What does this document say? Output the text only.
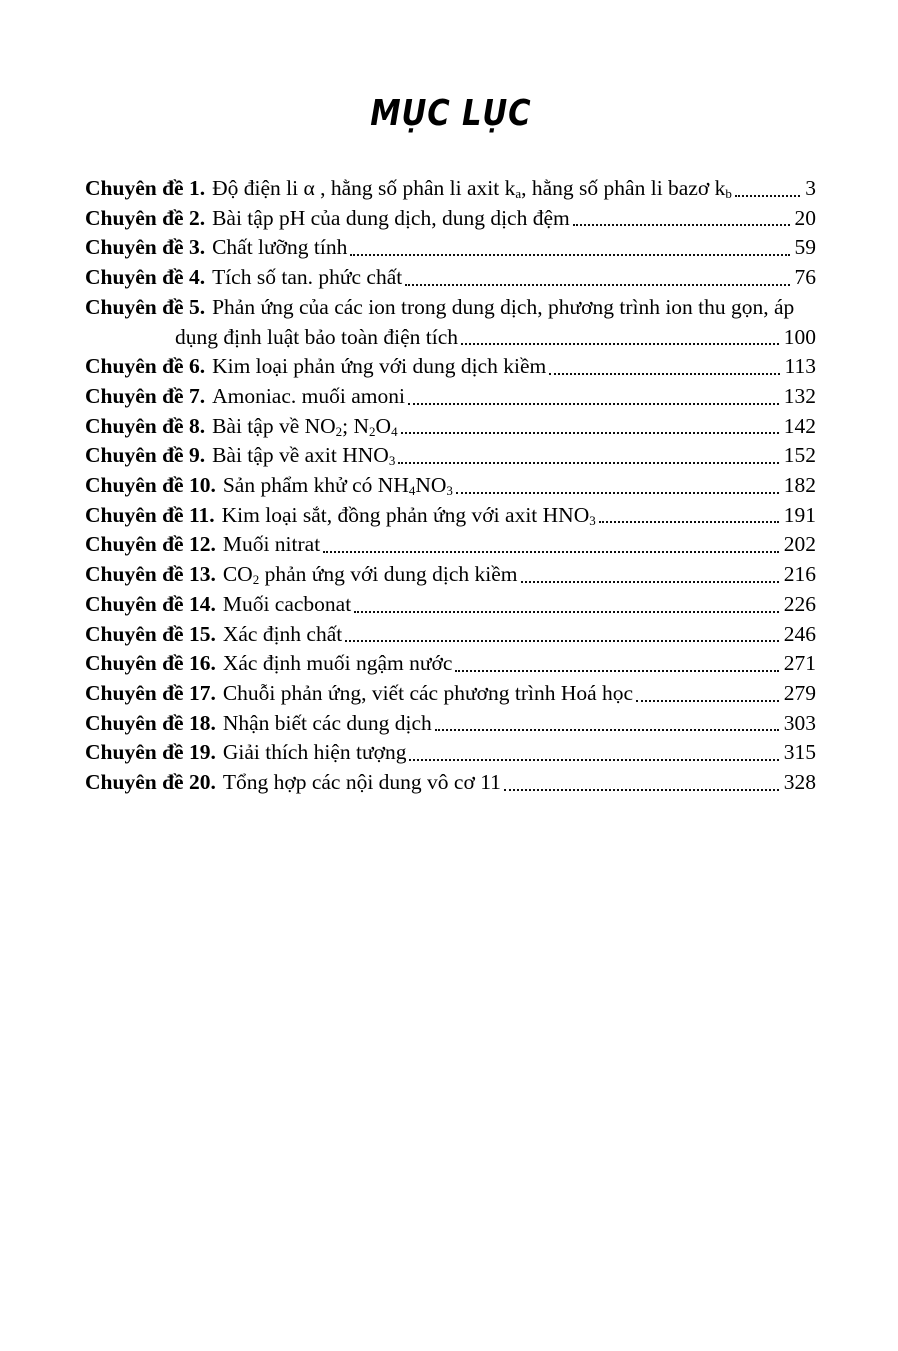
MỤC LỤC
Chuyên đề 1. Độ điện li α , hằng số phân li axit $k_a$, hằng số phân li bazơ $k_b$	3
Chuyên đề 2. Bài tập pH của dung dịch, dung dịch đệm	20
Chuyên đề 3. Chất lưỡng tính	59
Chuyên đề 4. Tích số tan. phức chất	76
Chuyên đề 5. Phản ứng của các ion trong dung dịch, phương trình ion thu gọn, áp
dụng định luật bảo toàn điện tích	100
Chuyên đề 6. Kim loại phản ứng với dung dịch kiềm	113
Chuyên đề 7. Amoniac. muối amoni	132
Chuyên đề 8. Bài tập về $NO_2$; $N_2O_4$	142
Chuyên đề 9. Bài tập về axit $HNO_3$	152
Chuyên đề 10. Sản phẩm khử có $NH_4NO_3$	182
Chuyên đề 11. Kim loại sắt, đồng phản ứng với axit $HNO_3$	191
Chuyên đề 12. Muối nitrat	202
Chuyên đề 13. $CO_2$ phản ứng với dung dịch kiềm	216
Chuyên đề 14. Muối cacbonat	226
Chuyên đề 15. Xác định chất	246
Chuyên đề 16. Xác định muối ngậm nước	271
Chuyên đề 17. Chuỗi phản ứng, viết các phương trình Hoá học	279
Chuyên đề 18. Nhận biết các dung dịch	303
Chuyên đề 19. Giải thích hiện tượng	315
Chuyên đề 20. Tổng hợp các nội dung vô cơ 11	328
